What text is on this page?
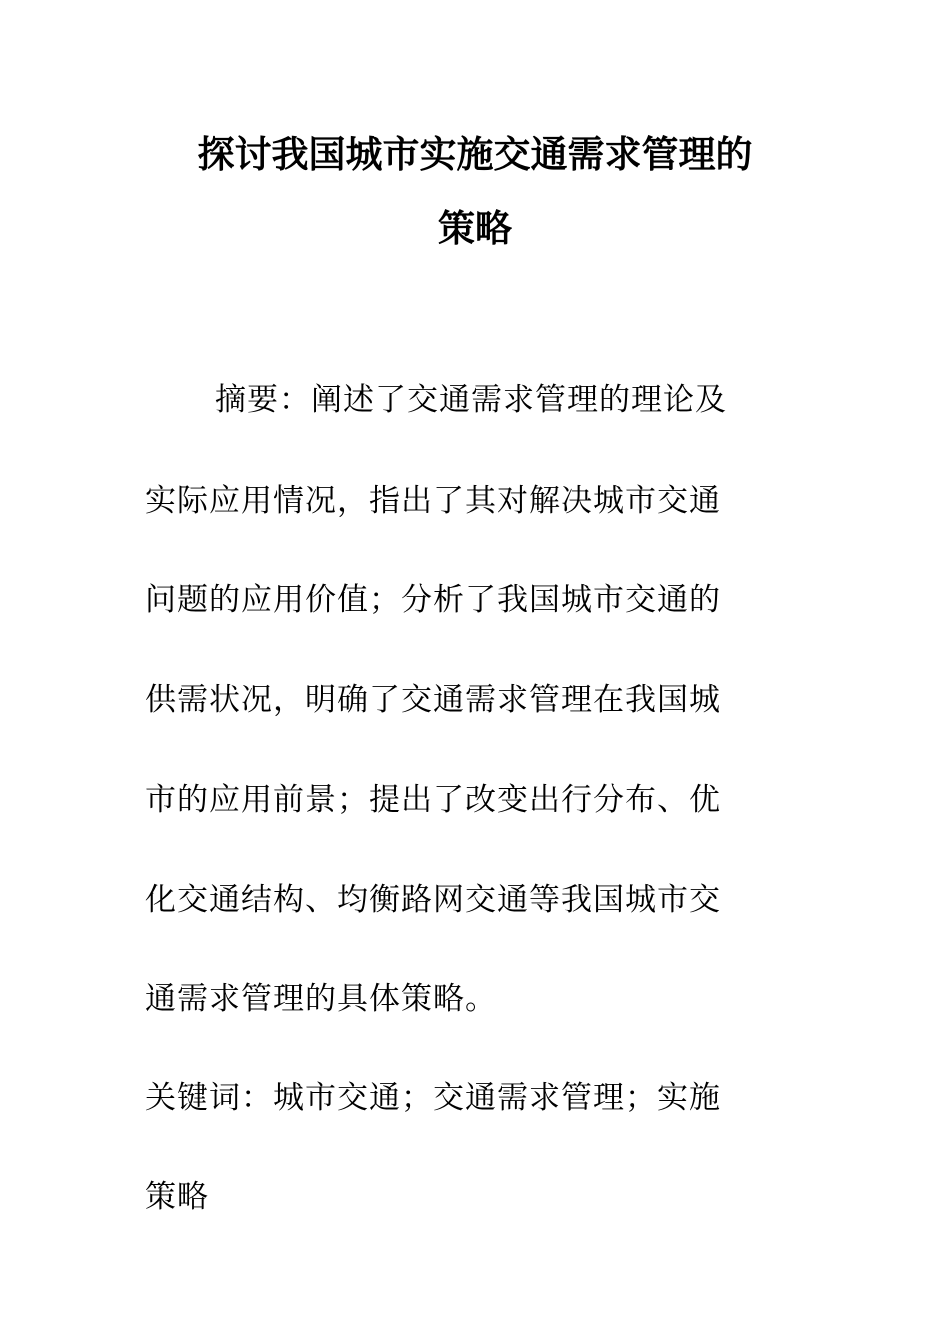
探讨我国城市实施交通需求管理的
策略

摘要：阐述了交通需求管理的理论及

实际应用情况，指出了其对解决城市交通

问题的应用价值；分析了我国城市交通的

供需状况，明确了交通需求管理在我国城

市的应用前景；提出了改变出行分布、优

化交通结构、均衡路网交通等我国城市交

通需求管理的具体策略。

关键词：城市交通；交通需求管理；实施

策略
